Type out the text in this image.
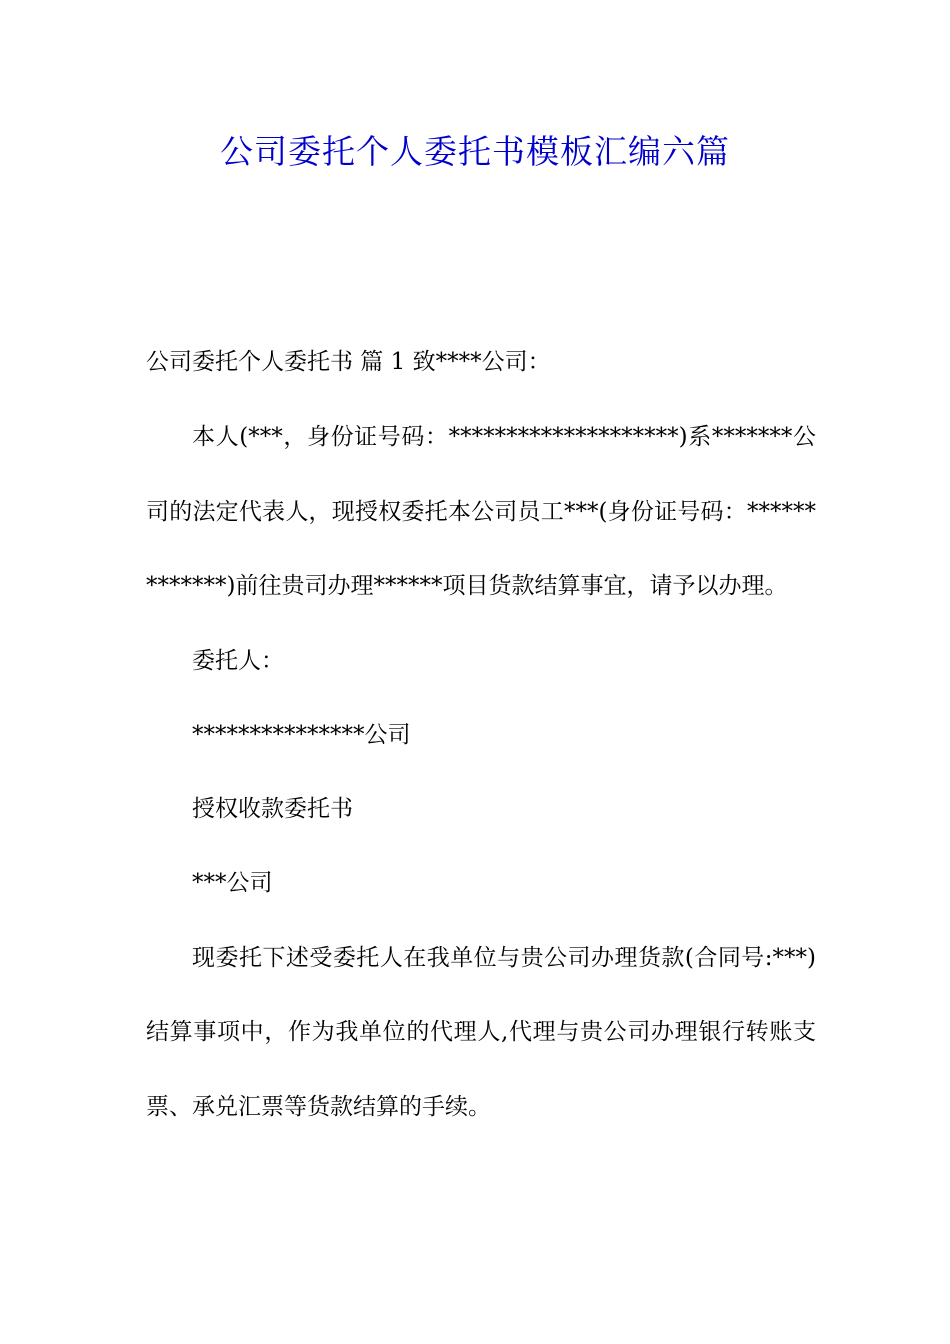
公司委托个人委托书模板汇编六篇

公司委托个人委托书 篇 1 致****公司：

本人(***，身份证号码：********************)系*******公司的法定代表人，现授权委托本公司员工***(身份证号码：*************)前往贵司办理******项目货款结算事宜，请予以办理。

委托人：

***************公司

授权收款委托书

***公司

现委托下述受委托人在我单位与贵公司办理货款(合同号:***)结算事项中，作为我单位的代理人,代理与贵公司办理银行转账支票、承兑汇票等货款结算的手续。
